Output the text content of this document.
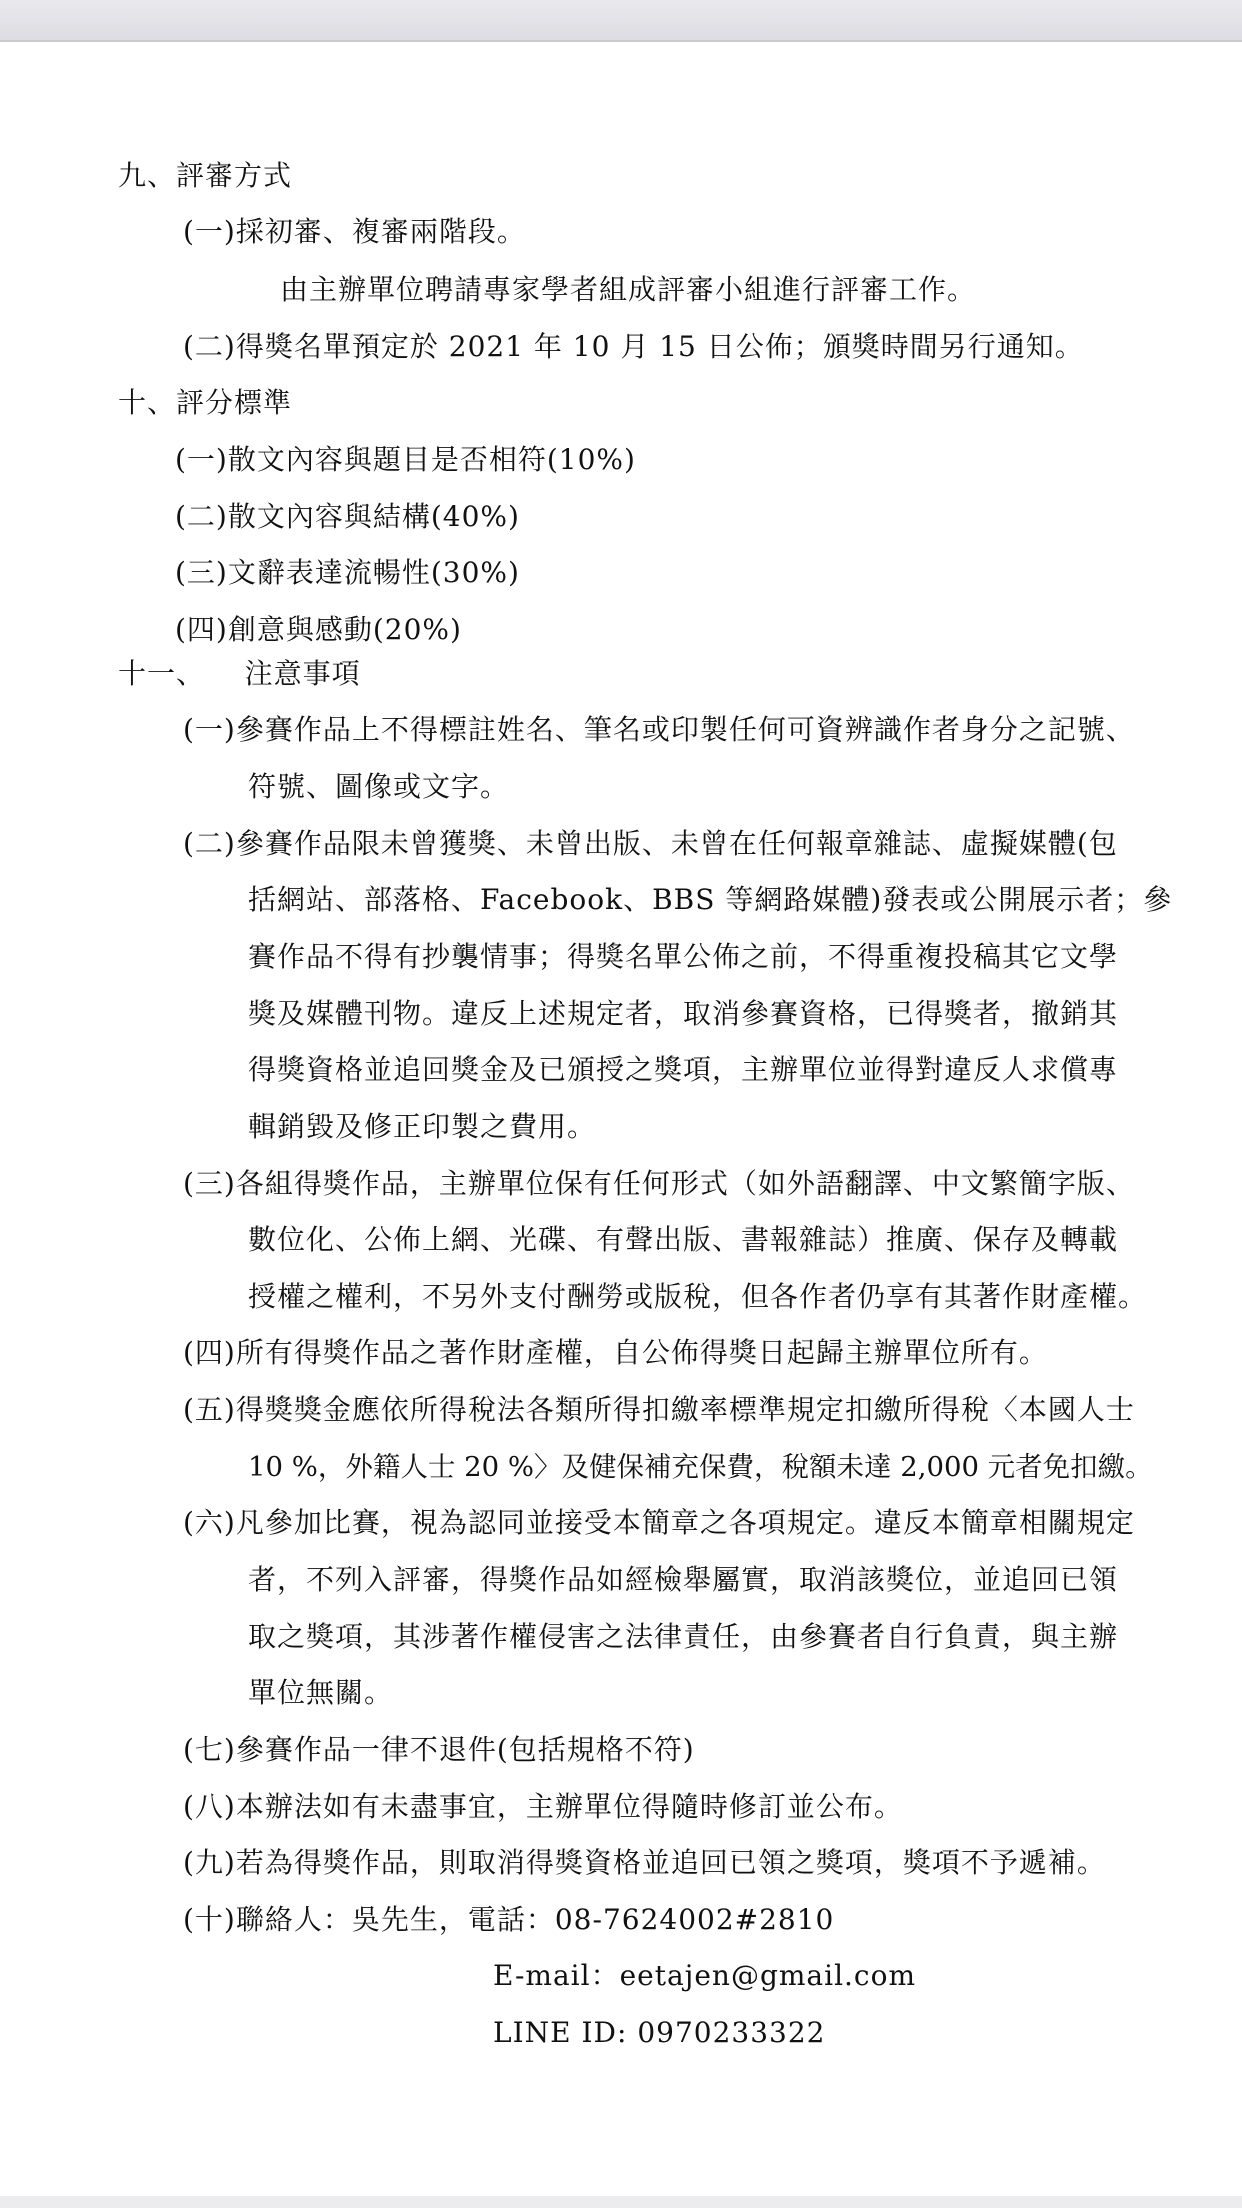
九、評審方式
(一)採初審、複審兩階段。
由主辦單位聘請專家學者組成評審小組進行評審工作。
(二)得獎名單預定於 2021 年 10 月 15 日公佈；頒獎時間另行通知。
十、評分標準
(一)散文內容與題目是否相符(10%)
(二)散文內容與結構(40%)
(三)文辭表達流暢性(30%)
(四)創意與感動(20%)
十一、    注意事項
(一)參賽作品上不得標註姓名、筆名或印製任何可資辨識作者身分之記號、
符號、圖像或文字。
(二)參賽作品限未曾獲獎、未曾出版、未曾在任何報章雜誌、虛擬媒體(包
括網站、部落格、Facebook、BBS 等網路媒體)發表或公開展示者；參
賽作品不得有抄襲情事；得獎名單公佈之前，不得重複投稿其它文學
獎及媒體刊物。違反上述規定者，取消參賽資格，已得獎者，撤銷其
得獎資格並追回獎金及已頒授之獎項，主辦單位並得對違反人求償專
輯銷毀及修正印製之費用。
(三)各組得獎作品，主辦單位保有任何形式（如外語翻譯、中文繁簡字版、
數位化、公佈上網、光碟、有聲出版、書報雜誌）推廣、保存及轉載
授權之權利，不另外支付酬勞或版稅，但各作者仍享有其著作財產權。
(四)所有得獎作品之著作財產權，自公佈得獎日起歸主辦單位所有。
(五)得獎獎金應依所得稅法各類所得扣繳率標準規定扣繳所得稅〈本國人士
10 %，外籍人士 20 %〉及健保補充保費，稅額未達 2,000 元者免扣繳。
(六)凡參加比賽，視為認同並接受本簡章之各項規定。違反本簡章相關規定
者，不列入評審，得獎作品如經檢舉屬實，取消該獎位，並追回已領
取之獎項，其涉著作權侵害之法律責任，由參賽者自行負責，與主辦
單位無關。
(七)參賽作品一律不退件(包括規格不符)
(八)本辦法如有未盡事宜，主辦單位得隨時修訂並公布。
(九)若為得獎作品，則取消得獎資格並追回已領之獎項，獎項不予遞補。
(十)聯絡人：吳先生，電話：08-7624002#2810
E-mail：eetajen@gmail.com
LINE ID: 0970233322
